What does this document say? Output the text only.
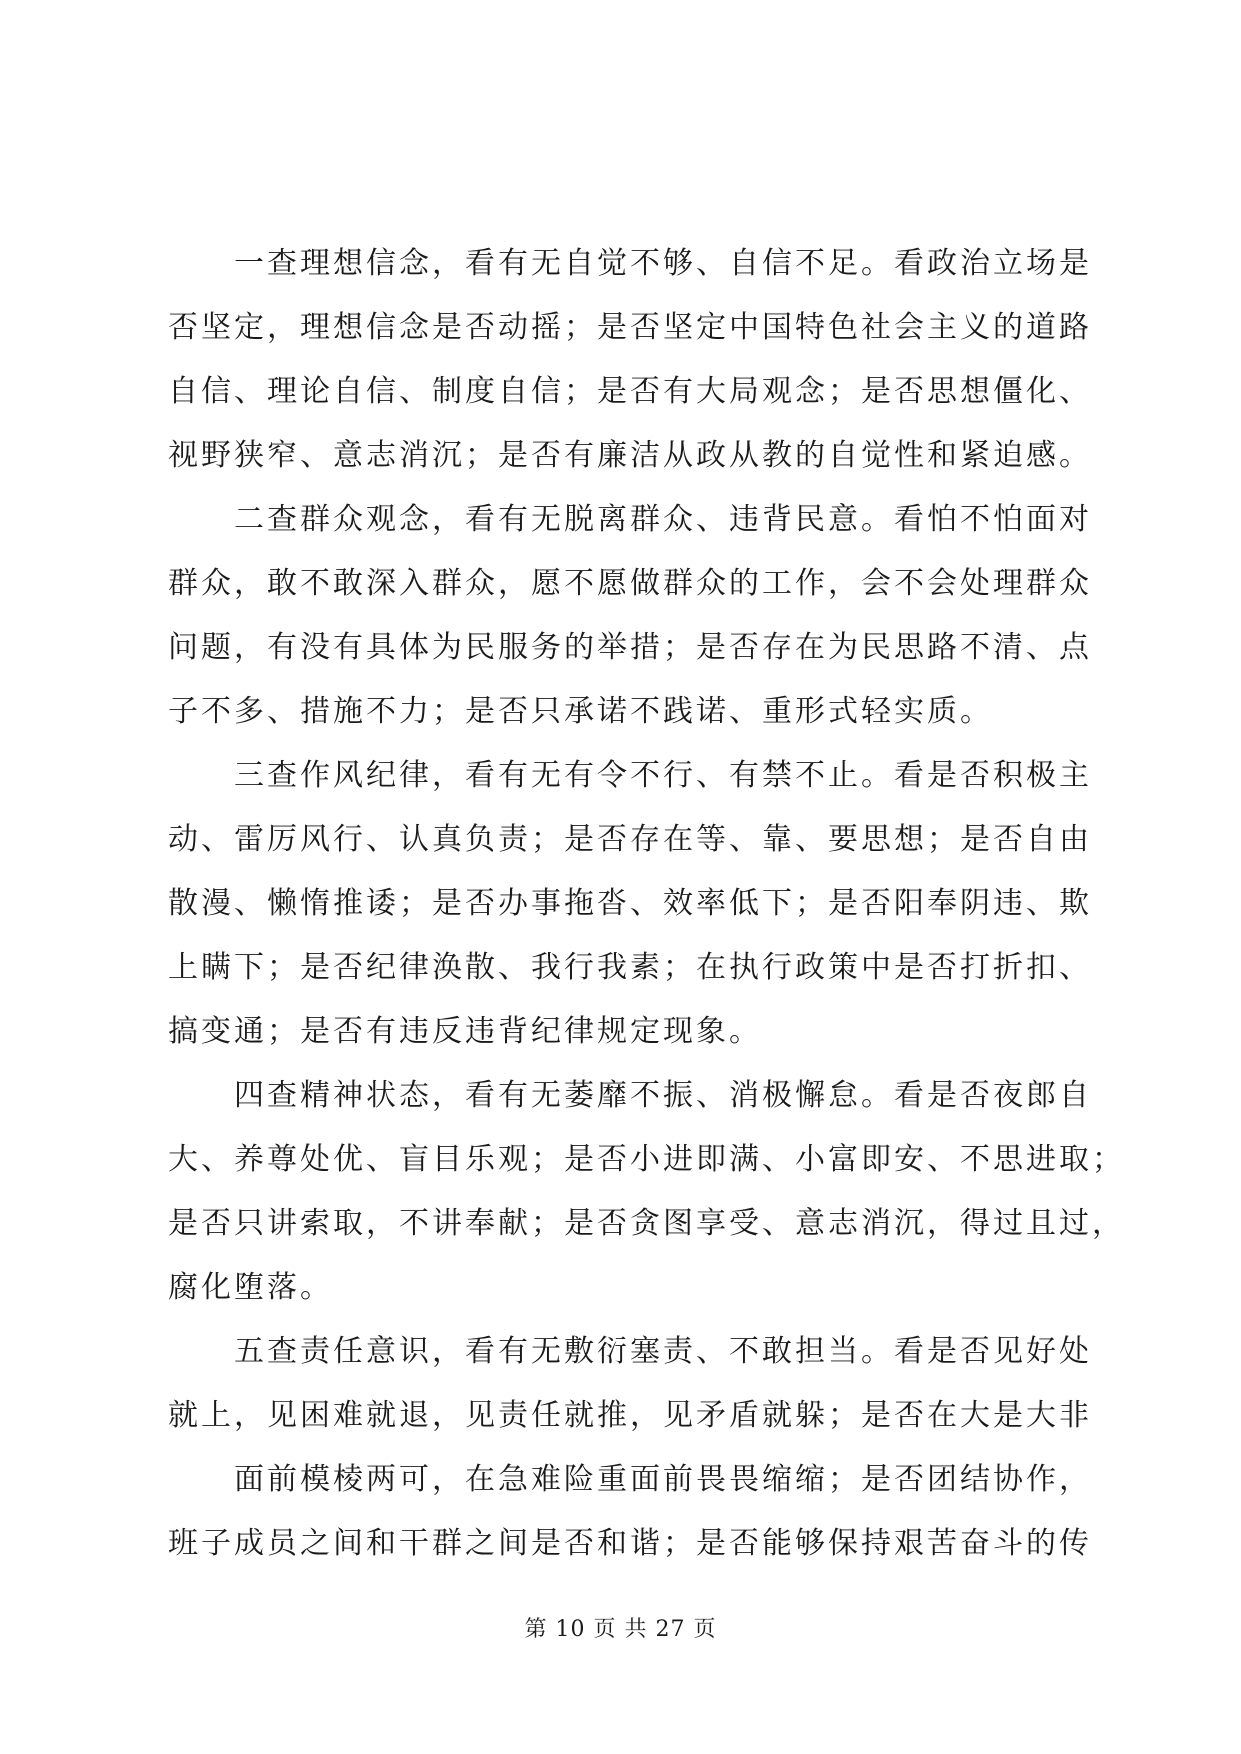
一查理想信念，看有无自觉不够、自信不足。看政治立场是
否坚定，理想信念是否动摇；是否坚定中国特色社会主义的道路
自信、理论自信、制度自信；是否有大局观念；是否思想僵化、
视野狭窄、意志消沉；是否有廉洁从政从教的自觉性和紧迫感。

二查群众观念，看有无脱离群众、违背民意。看怕不怕面对
群众，敢不敢深入群众，愿不愿做群众的工作，会不会处理群众
问题，有没有具体为民服务的举措；是否存在为民思路不清、点
子不多、措施不力；是否只承诺不践诺、重形式轻实质。

三查作风纪律，看有无有令不行、有禁不止。看是否积极主
动、雷厉风行、认真负责；是否存在等、靠、要思想；是否自由
散漫、懒惰推诿；是否办事拖沓、效率低下；是否阳奉阴违、欺
上瞒下；是否纪律涣散、我行我素；在执行政策中是否打折扣、
搞变通；是否有违反违背纪律规定现象。

四查精神状态，看有无萎靡不振、消极懈怠。看是否夜郎自
大、养尊处优、盲目乐观；是否小进即满、小富即安、不思进取；
是否只讲索取，不讲奉献；是否贪图享受、意志消沉，得过且过，
腐化堕落。

五查责任意识，看有无敷衍塞责、不敢担当。看是否见好处
就上，见困难就退，见责任就推，见矛盾就躲；是否在大是大非

面前模棱两可，在急难险重面前畏畏缩缩；是否团结协作，
班子成员之间和干群之间是否和谐；是否能够保持艰苦奋斗的传

第 10 页 共 27 页
